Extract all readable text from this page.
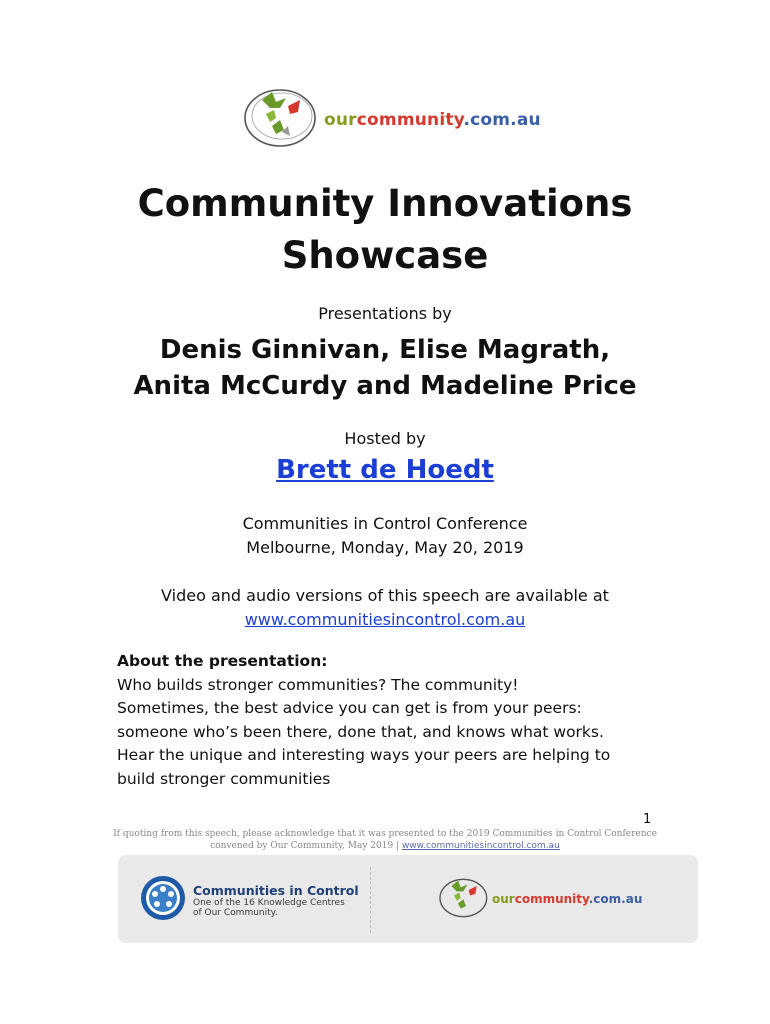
ourcommunity.com.au
Community Innovations
Showcase
Presentations by
Denis Ginnivan, Elise Magrath,
Anita McCurdy and Madeline Price
Hosted by
Brett de Hoedt
Communities in Control Conference
Melbourne, Monday, May 20, 2019
Video and audio versions of this speech are available at
www.communitiesincontrol.com.au
About the presentation:
Who builds stronger communities? The community!
Sometimes, the best advice you can get is from your peers:
someone who’s been there, done that, and knows what works.
Hear the unique and interesting ways your peers are helping to
build stronger communities
1
If quoting from this speech, please acknowledge that it was presented to the 2019 Communities in Control Conference
convened by Our Community, May 2019 | www.communitiesincontrol.com.au
Communities in Control
One of the 16 Knowledge Centres
of Our Community.
ourcommunity.com.au
